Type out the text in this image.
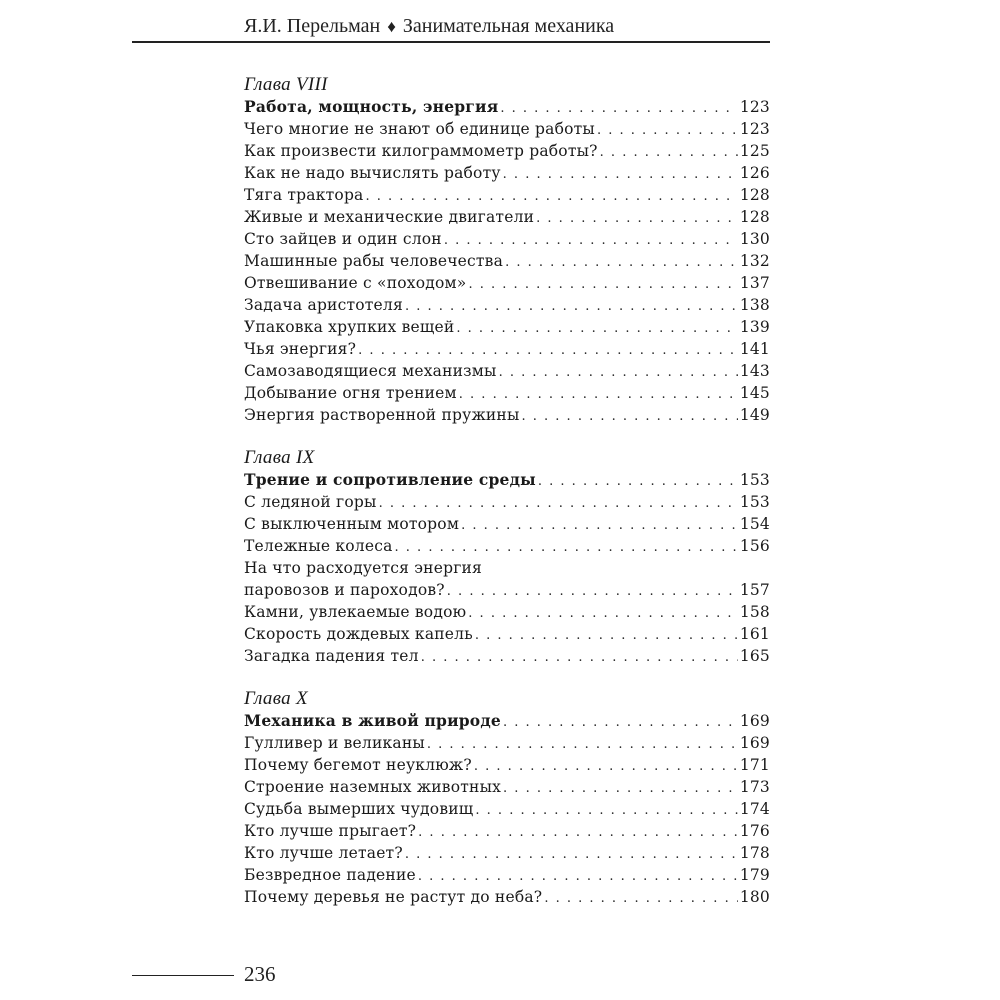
Я.И. Перельман ♦ Занимательная механика
Глава VIII
Работа, мощность, энергия . . .	123
Чего многие не знают об единице работы . . .	123
Как произвести килограммометр работы? . . .	125
Как не надо вычислять работу . . .	126
Тяга трактора . . .	128
Живые и механические двигатели . . .	128
Сто зайцев и один слон . . .	130
Машинные рабы человечества . . .	132
Отвешивание с «походом» . . .	137
Задача аристотеля . . .	138
Упаковка хрупких вещей . . .	139
Чья энергия? . . .	141
Самозаводящиеся механизмы . . .	143
Добывание огня трением . . .	145
Энергия растворенной пружины . . .	149
Глава IX
Трение и сопротивление среды . . .	153
С ледяной горы . . .	153
С выключенным мотором . . .	154
Тележные колеса . . .	156
На что расходуется энергия
паровозов и пароходов? . . .	157
Камни, увлекаемые водою . . .	158
Скорость дождевых капель . . .	161
Загадка падения тел . . .	165
Глава X
Механика в живой природе . . .	169
Гулливер и великаны . . .	169
Почему бегемот неуклюж? . . .	171
Строение наземных животных . . .	173
Судьба вымерших чудовищ . . .	174
Кто лучше прыгает? . . .	176
Кто лучше летает? . . .	178
Безвредное падение . . .	179
Почему деревья не растут до неба? . . .	180
236
